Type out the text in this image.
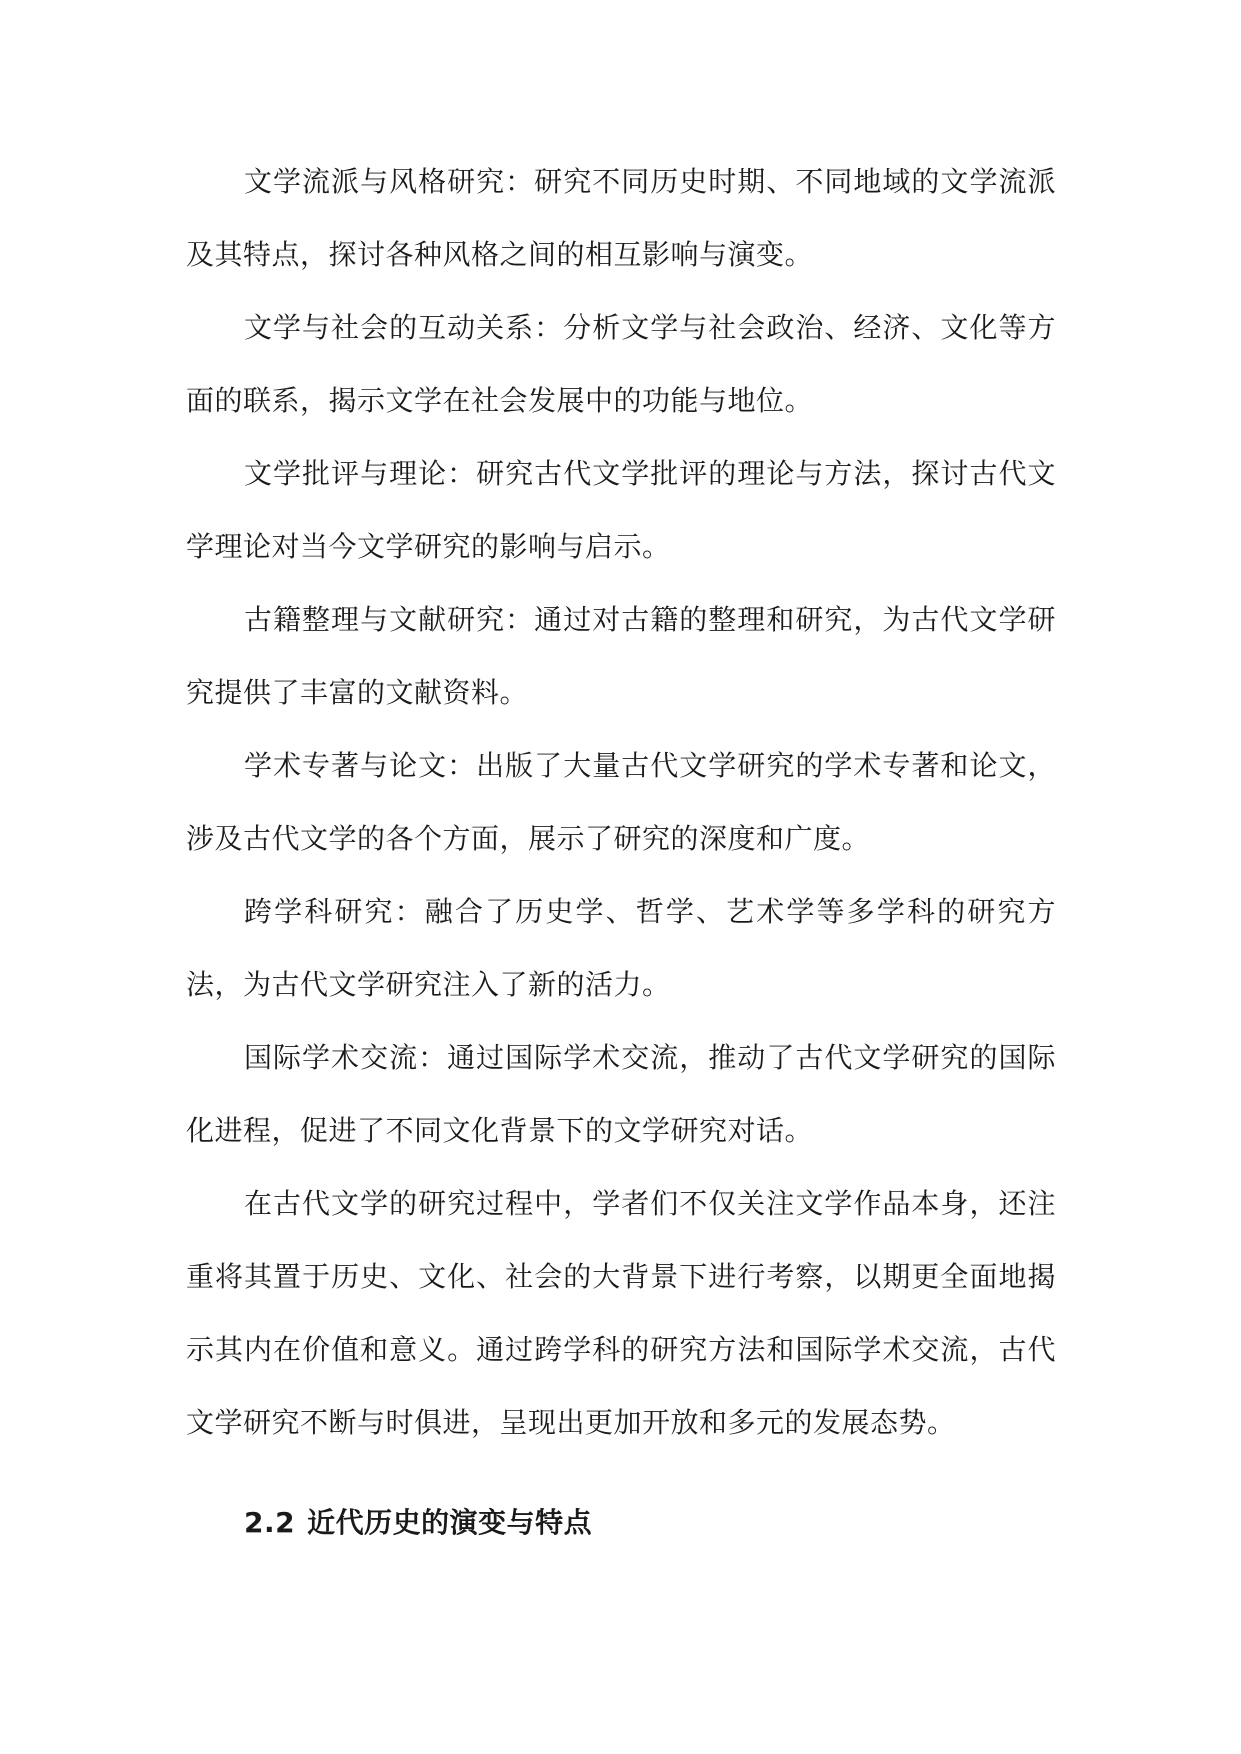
文学流派与风格研究：研究不同历史时期、不同地域的文学流派及其特点，探讨各种风格之间的相互影响与演变。

文学与社会的互动关系：分析文学与社会政治、经济、文化等方面的联系，揭示文学在社会发展中的功能与地位。

文学批评与理论：研究古代文学批评的理论与方法，探讨古代文学理论对当今文学研究的影响与启示。

古籍整理与文献研究：通过对古籍的整理和研究，为古代文学研究提供了丰富的文献资料。

学术专著与论文：出版了大量古代文学研究的学术专著和论文，涉及古代文学的各个方面，展示了研究的深度和广度。

跨学科研究：融合了历史学、哲学、艺术学等多学科的研究方法，为古代文学研究注入了新的活力。

国际学术交流：通过国际学术交流，推动了古代文学研究的国际化进程，促进了不同文化背景下的文学研究对话。

在古代文学的研究过程中，学者们不仅关注文学作品本身，还注重将其置于历史、文化、社会的大背景下进行考察，以期更全面地揭示其内在价值和意义。通过跨学科的研究方法和国际学术交流，古代文学研究不断与时俱进，呈现出更加开放和多元的发展态势。

2.2 近代历史的演变与特点
